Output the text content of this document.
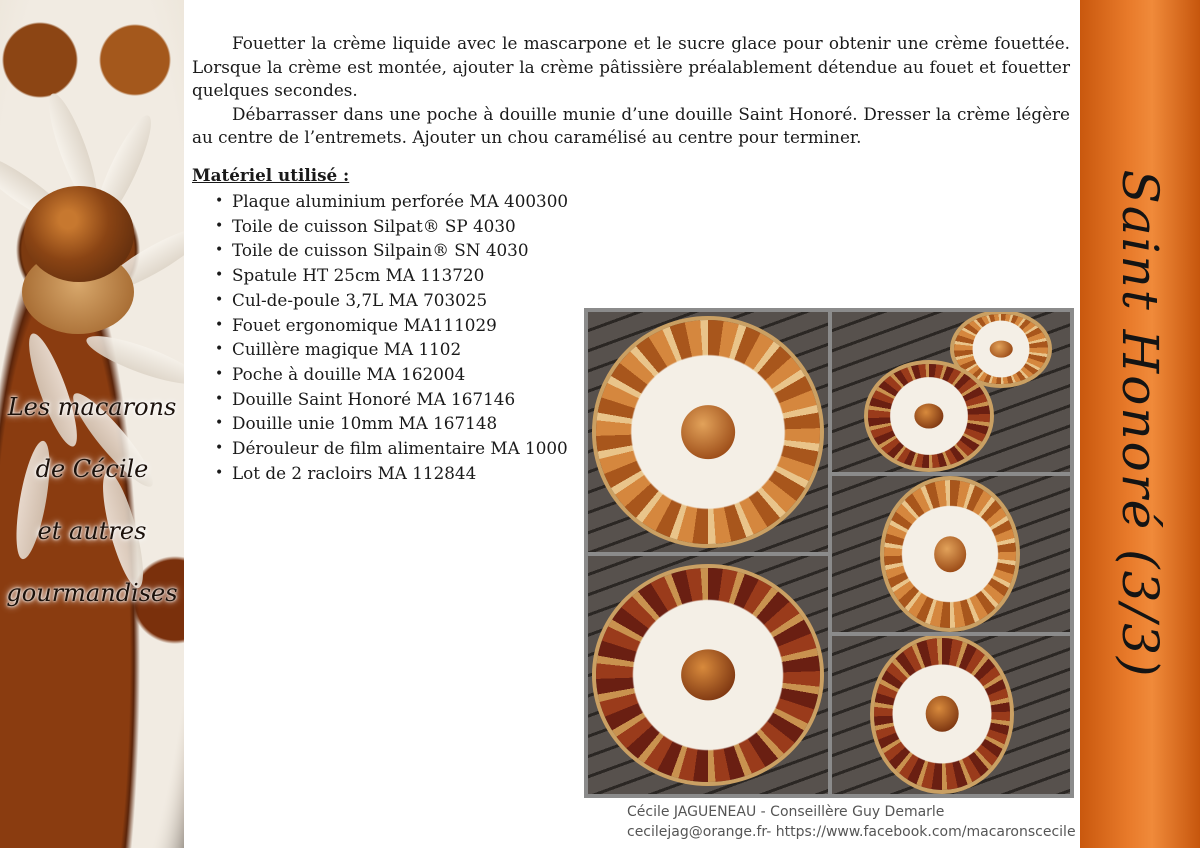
Les macarons
de Cécile
et autres
gourmandises	Saint Honoré (3/3)

Fouetter la crème liquide avec le mascarpone et le sucre glace pour obtenir une crème fouettée. Lorsque la crème est montée, ajouter la crème pâtissière préalablement détendue au fouet et fouetter quelques secondes.

Débarrasser dans une poche à douille munie d’une douille Saint Honoré. Dresser la crème légère au centre de l’entremets. Ajouter un chou caramélisé au centre pour terminer.

Matériel utilisé :
• Plaque aluminium perforée MA 400300
• Toile de cuisson Silpat® SP 4030
• Toile de cuisson Silpain® SN 4030
• Spatule HT 25cm MA 113720
• Cul-de-poule 3,7L MA 703025
• Fouet ergonomique MA111029
• Cuillère magique MA 1102
• Poche à douille MA 162004
• Douille Saint Honoré MA 167146
• Douille unie 10mm MA 167148
• Dérouleur de film alimentaire MA 1000
• Lot de 2 racloirs MA 112844
Cécile JAGUENEAU - Conseillère Guy Demarle
cecilejag@orange.fr- https://www.facebook.com/macaronscecile
